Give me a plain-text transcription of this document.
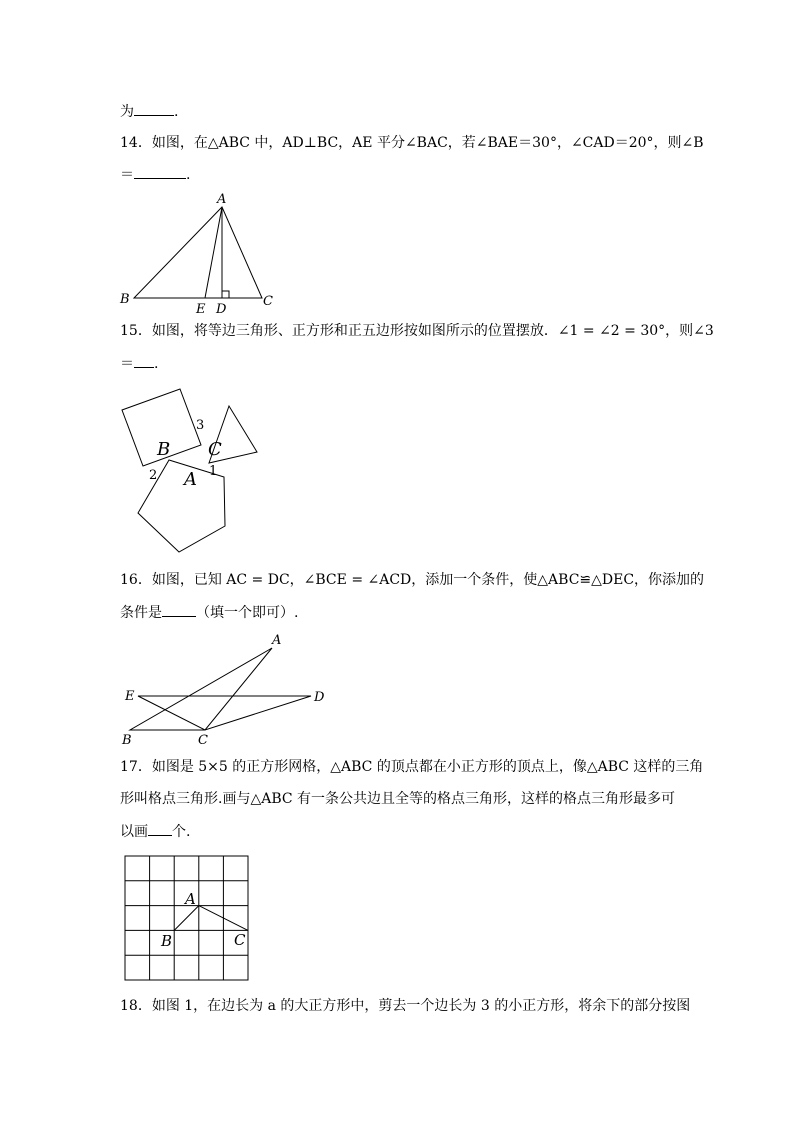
为	.
14．如图，在△ABC 中，AD⊥BC，AE 平分∠BAC，若∠BAE＝30°，∠CAD＝20°，则∠B
＝	.
A
B
E D
C
15．如图，将等边三角形、正方形和正五边形按如图所示的位置摆放．∠1 = ∠2 = 30°，则∠3
＝ .
B C
A
3
2	1
16．如图，已知 AC = DC，∠BCE = ∠ACD，添加一个条件，使△ABC≌△DEC，你添加的
条件是 （填一个即可）.
A
E	D
B	C
17．如图是 5×5 的正方形网格，△ABC 的顶点都在小正方形的顶点上，像△ABC 这样的三角
形叫格点三角形.画与△ABC 有一条公共边且全等的格点三角形，这样的格点三角形最多可
以画 个.
A
B	C
18．如图 1，在边长为 a 的大正方形中，剪去一个边长为 3 的小正方形，将余下的部分按图
